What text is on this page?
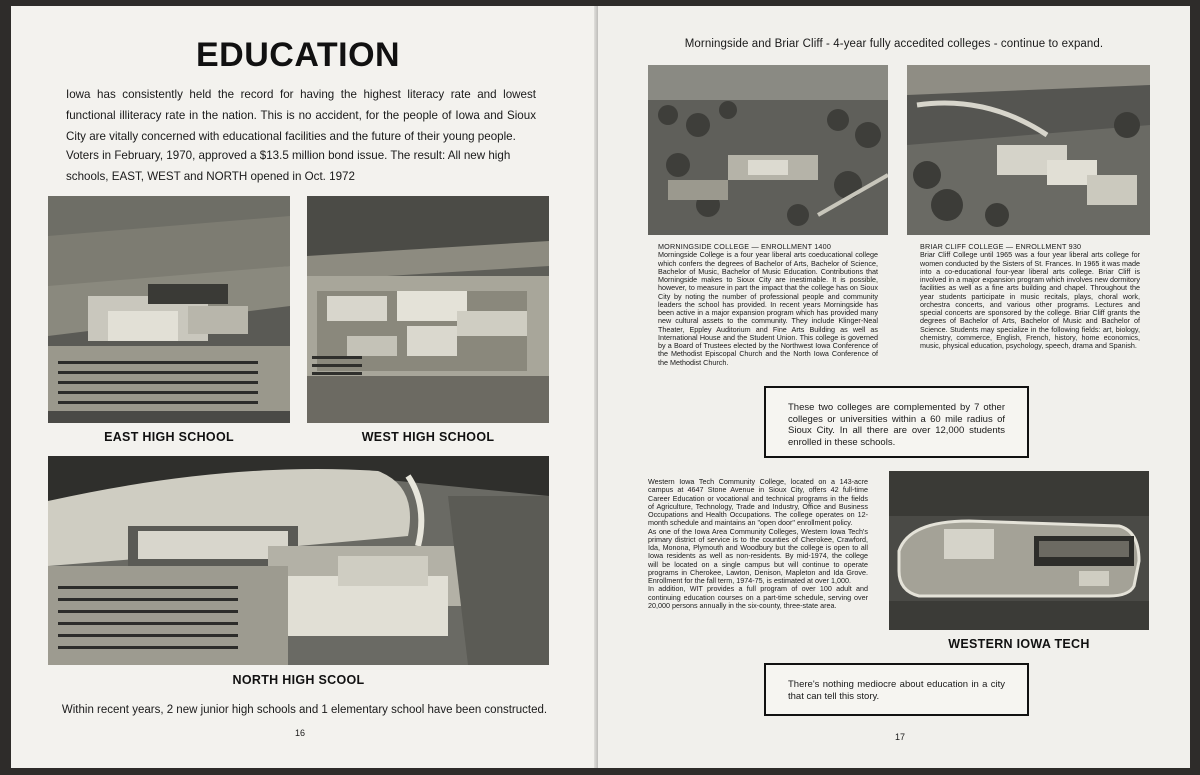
EDUCATION

Iowa has consistently held the record for having the highest literacy rate and lowest functional illiteracy rate in the nation. This is no accident, for the people of Iowa and Sioux City are vitally concerned with educational facilities and the future of their young people.

Voters in February, 1970, approved a $13.5 million bond issue. The result: All new high schools, EAST, WEST and NORTH opened in Oct. 1972

EAST HIGH SCHOOL	WEST HIGH SCHOOL
NORTH HIGH SCOOL
Within recent years, 2 new junior high schools and 1 elementary school have been constructed.
16
Morningside and Briar Cliff - 4-year fully accedited colleges - continue to expand.
MORNINGSIDE COLLEGE — ENROLLMENT 1400
Morningside College is a four year liberal arts coeducational college which confers the degrees of Bachelor of Arts, Bachelor of Science, Bachelor of Music, Bachelor of Music Education. Contributions that Morningside makes to Sioux City are inestimable. It is possible, however, to measure in part the impact that the college has on Sioux City by noting the number of professional people and community leaders the school has provided. In recent years Morningside has been active in a major expansion program which has provided many new cultural assets to the community. They include Klinger-Neal Theater, Eppley Auditorium and Fine Arts Building as well as International House and the Student Union. This college is governed by a Board of Trustees elected by the Northwest Iowa Conference of the Methodist Episcopal Church and the North Iowa Conference of the Methodist Church.
BRIAR CLIFF COLLEGE — ENROLLMENT 930
Briar Cliff College until 1965 was a four year liberal arts college for women conducted by the Sisters of St. Frances. In 1965 it was made into a co-educational four-year liberal arts college. Briar Cliff is involved in a major expansion program which involves new dormitory facilities as well as a fine arts building and chapel. Throughout the year students participate in music recitals, plays, choral work, orchestra concerts, and various other programs. Lectures and special concerts are sponsored by the college. Briar Cliff grants the degrees of Bachelor of Arts, Bachelor of Music and Bachelor of Science. Students may specialize in the following fields: art, biology, chemistry, commerce, English, French, history, home economics, music, physical education, psychology, speech, drama and Spanish.

These two colleges are complemented by 7 other colleges or universities within a 60 mile radius of Sioux City. In all there are over 12,000 students enrolled in these schools.

Western Iowa Tech Community College, located on a 143-acre campus at 4647 Stone Avenue in Sioux City, offers 42 full-time Career Education or vocational and technical programs in the fields of Agriculture, Technology, Trade and Industry, Office and Business Occupations and Health Occupations. The college operates on 12-month schedule and maintains an "open door" enrollment policy.
As one of the Iowa Area Community Colleges, Western Iowa Tech's primary district of service is to the counties of Cherokee, Crawford, Ida, Monona, Plymouth and Woodbury but the college is open to all Iowa residents as well as non-residents. By mid-1974, the college will be located on a single campus but will continue to operate programs in Cherokee, Lawton, Denison, Mapleton and Ida Grove. Enrollment for the fall term, 1974-75, is estimated at over 1,000.
In addition, WIT provides a full program of over 100 adult and continuing education courses on a part-time schedule, serving over 20,000 persons annually in the six-county, three-state area.
WESTERN IOWA TECH

There's nothing mediocre about education in a city that can tell this story.

17
